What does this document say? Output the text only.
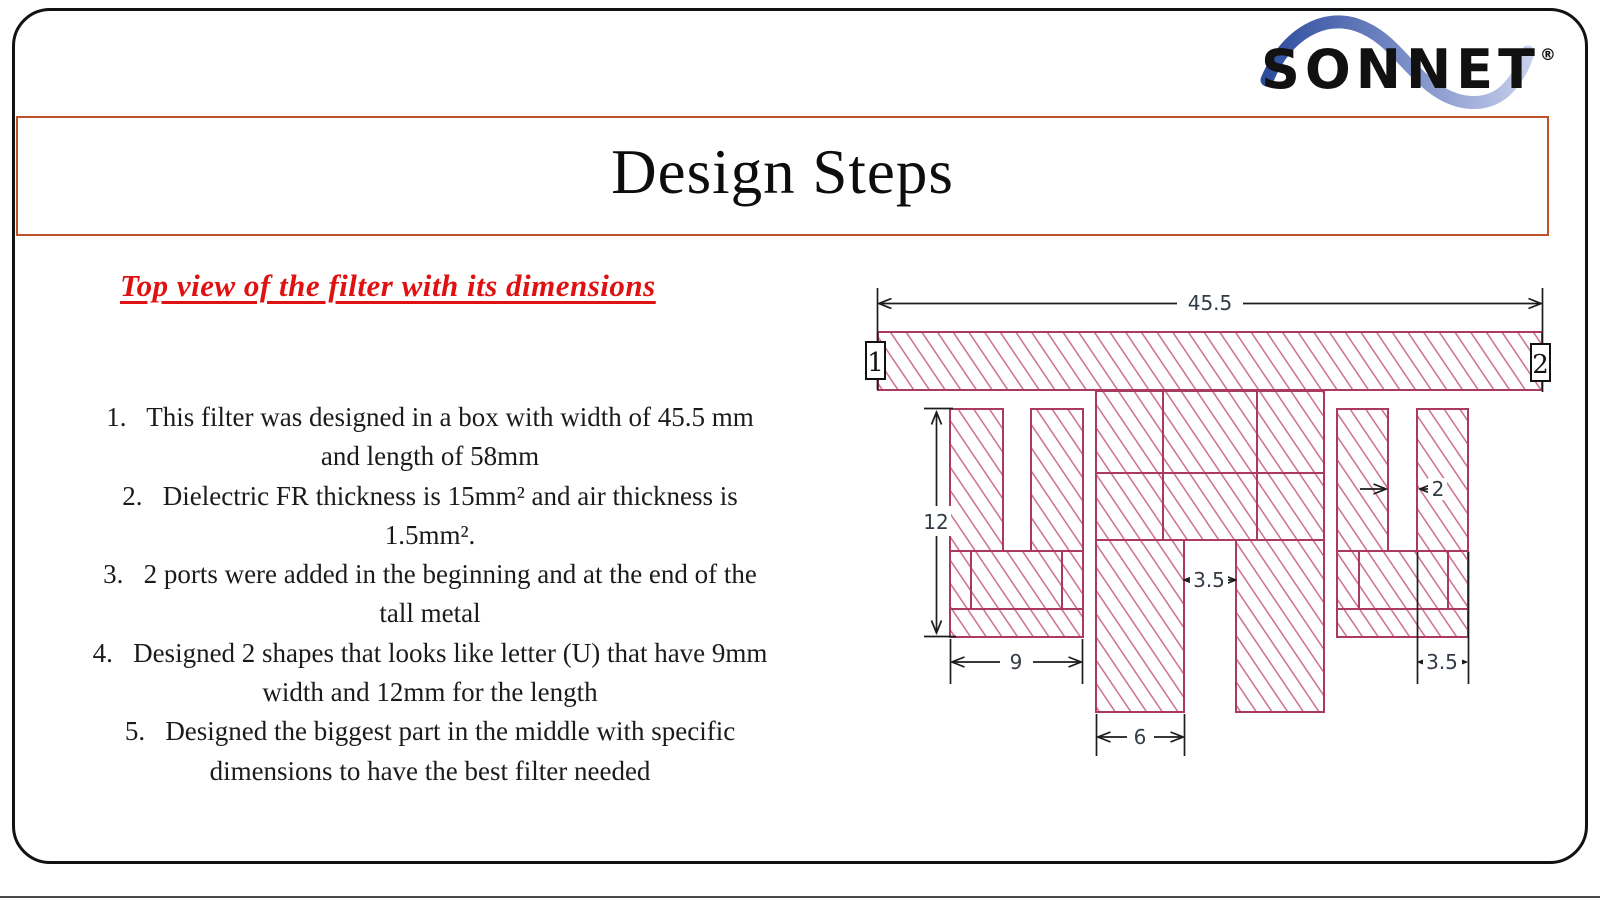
Design Steps
SONNET®
Top view of the filter with its dimensions
1.   This filter was designed in a box with width of 45.5 mm
and length of 58mm
2.   Dielectric FR thickness is 15mm² and air thickness is
1.5mm².
3.   2 ports were added in the beginning and at the end of the
tall metal
4.   Designed 2 shapes that looks like letter (U) that have 9mm
width and 12mm for the length
5.   Designed the biggest part in the middle with specific
dimensions to have the best filter needed
45.5
12
9
6
3.5
2
3.5
1	2
